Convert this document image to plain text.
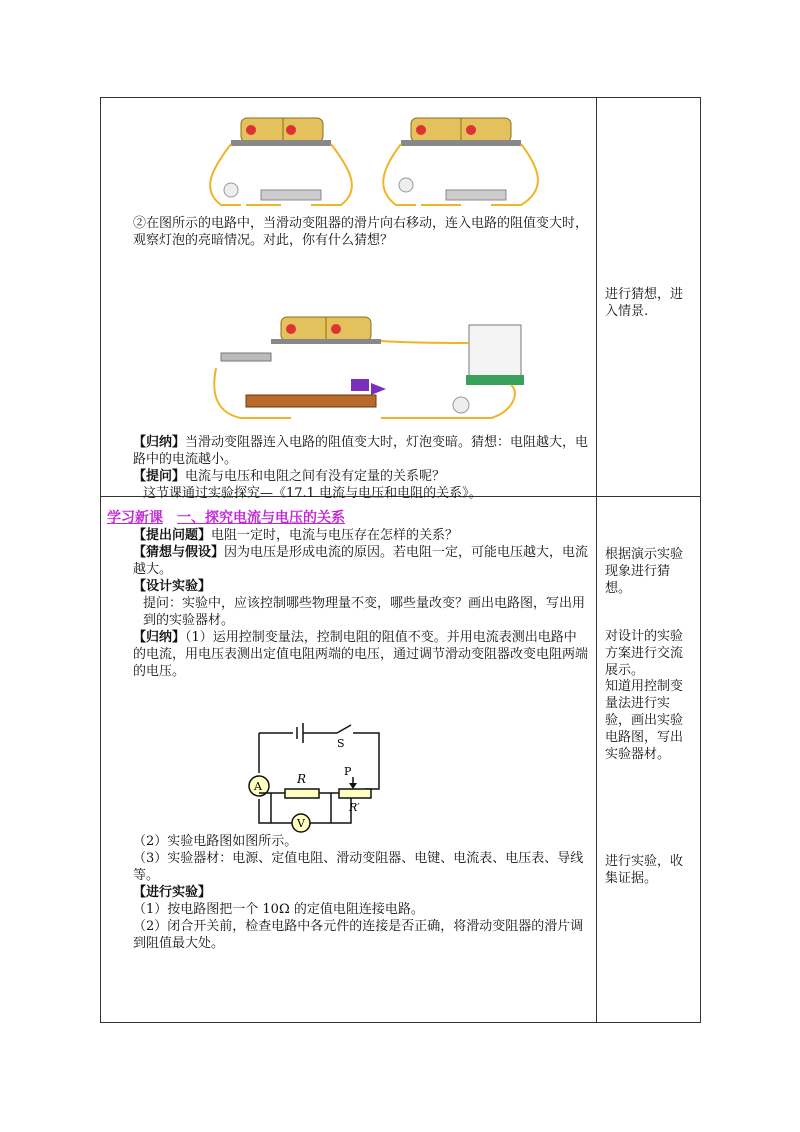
②在图所示的电路中，当滑动变阻器的滑片向右移动，连入电路的阻值变大时，观察灯泡的亮暗情况。对此，你有什么猜想？

【归纳】当滑动变阻器连入电路的阻值变大时，灯泡变暗。猜想：电阻越大，电路中的电流越小。

【提问】电流与电压和电阻之间有没有定量的关系呢？

这节课通过实验探究—《17.1 电流与电压和电阻的关系》。

进行猜想，进入情景.
学习新课 一、探究电流与电压的关系

【提出问题】电阻一定时，电流与电压存在怎样的关系？

【猜想与假设】因为电压是形成电流的原因。若电阻一定，可能电压越大，电流越大。

【设计实验】

提问：实验中，应该控制哪些物理量不变，哪些量改变？画出电路图，写出用到的实验器材。

【归纳】（1）运用控制变量法，控制电阻的阻值不变。并用电流表测出电路中的电流，用电压表测出定值电阻两端的电压，通过调节滑动变阻器改变电阻两端的电压。

A
V
R
P
R′
S

（2）实验电路图如图所示。

（3）实验器材：电源、定值电阻、滑动变阻器、电键、电流表、电压表、导线等。

【进行实验】

（1）按电路图把一个 10Ω 的定值电阻连接电路。

（2）闭合开关前，检查电路中各元件的连接是否正确，将滑动变阻器的滑片调到阻值最大处。

根据演示实验现象进行猜想。
对设计的实验方案进行交流展示。
知道用控制变量法进行实验，画出实验电路图，写出实验器材。
进行实验，收集证据。
